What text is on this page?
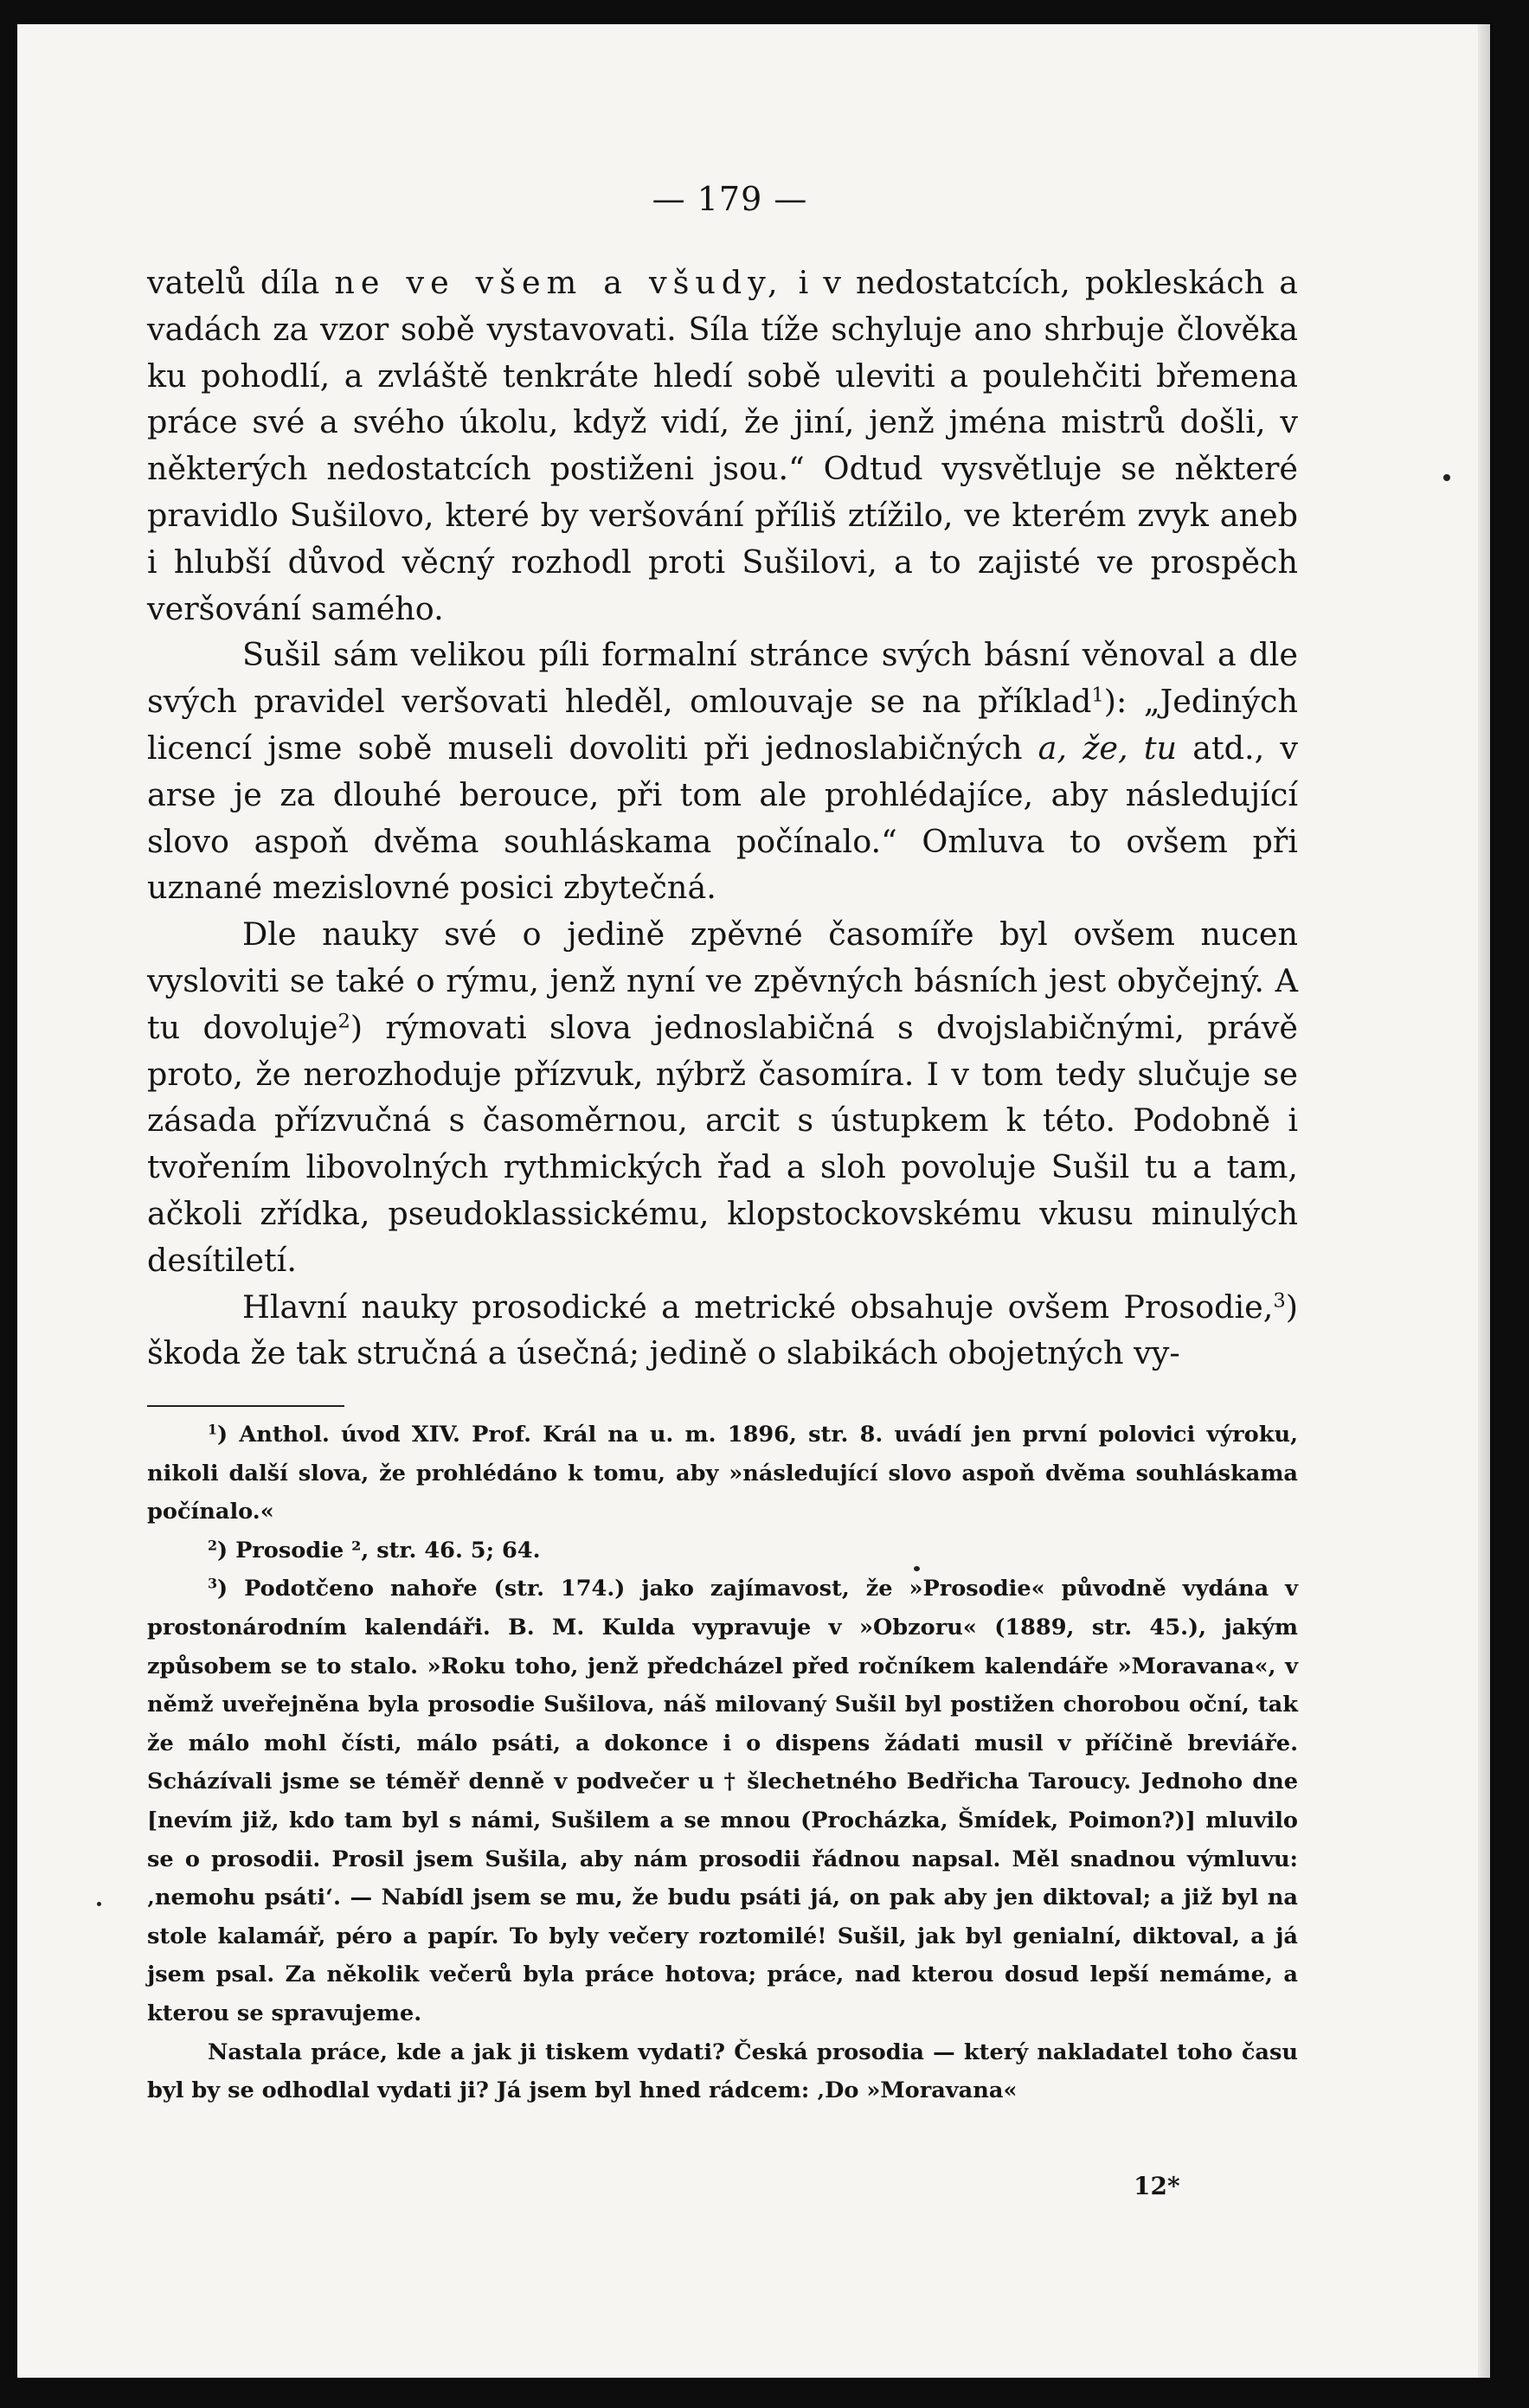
— 179 —

vatelů díla ne ve všem a všudy, i v nedostatcích, pokleskách a vadách za vzor sobě vystavovati. Síla tíže schyluje ano shrbuje člověka ku pohodlí, a zvláště tenkráte hledí sobě uleviti a poulehčiti břemena práce své a svého úkolu, když vidí, že jiní, jenž jména mistrů došli, v některých nedostatcích postiženi jsou.“ Odtud vysvětluje se některé pravidlo Sušilovo, které by veršování příliš ztížilo, ve kterém zvyk aneb i hlubší důvod věcný rozhodl proti Sušilovi, a to zajisté ve prospěch veršování samého.

Sušil sám velikou píli formalní stránce svých básní věnoval a dle svých pravidel veršovati hleděl, omlouvaje se na příklad$^1$): „Jediných licencí jsme sobě museli dovoliti při jednoslabičných a, že, tu atd., v arse je za dlouhé berouce, při tom ale prohlédajíce, aby následující slovo aspoň dvěma souhláskama počínalo.“ Omluva to ovšem při uznané mezislovné posici zbytečná.

Dle nauky své o jedině zpěvné časomíře byl ovšem nucen vysloviti se také o rýmu, jenž nyní ve zpěvných básních jest obyčejný. A tu dovoluje$^2$) rýmovati slova jednoslabičná s dvojslabičnými, právě proto, že nerozhoduje přízvuk, nýbrž časomíra. I v tom tedy slučuje se zásada přízvučná s časoměrnou, arcit s ústupkem k této. Podobně i tvořením libovolných rythmických řad a sloh povoluje Sušil tu a tam, ačkoli zřídka, pseudoklassickému, klopstockovskému vkusu minulých desítiletí.

Hlavní nauky prosodické a metrické obsahuje ovšem Prosodie,$^3$) škoda že tak stručná a úsečná; jedině o slabikách obojetných vy-

$^1$) Anthol. úvod XIV. Prof. Král na u. m. 1896, str. 8. uvádí jen první polovici výroku, nikoli další slova, že prohlédáno k tomu, aby »následující slovo aspoň dvěma souhláskama počínalo.«

$^2$) Prosodie ², str. 46. 5; 64.

$^3$) Podotčeno nahoře (str. 174.) jako zajímavost, že »Prosodie« původně vydána v prostonárodním kalendáři. B. M. Kulda vypravuje v »Obzoru« (1889, str. 45.), jakým způsobem se to stalo. »Roku toho, jenž předcházel před ročníkem kalendáře »Moravana«, v němž uveřejněna byla prosodie Sušilova, náš milovaný Sušil byl postižen chorobou oční, tak že málo mohl čísti, málo psáti, a dokonce i o dispens žádati musil v příčině breviáře. Scházívali jsme se téměř denně v podvečer u † šlechetného Bedřicha Taroucy. Jednoho dne [nevím již, kdo tam byl s námi, Sušilem a se mnou (Procházka, Šmídek, Poimon?)] mluvilo se o prosodii. Prosil jsem Sušila, aby nám prosodii řádnou napsal. Měl snadnou výmluvu: ‚nemohu psáti‘. — Nabídl jsem se mu, že budu psáti já, on pak aby jen diktoval; a již byl na stole kalamář, péro a papír. To byly večery roztomilé! Sušil, jak byl genialní, diktoval, a já jsem psal. Za několik večerů byla práce hotova; práce, nad kterou dosud lepší nemáme, a kterou se spravujeme.

Nastala práce, kde a jak ji tiskem vydati? Česká prosodia — který nakladatel toho času byl by se odhodlal vydati ji? Já jsem byl hned rádcem: ‚Do »Moravana«

12*
